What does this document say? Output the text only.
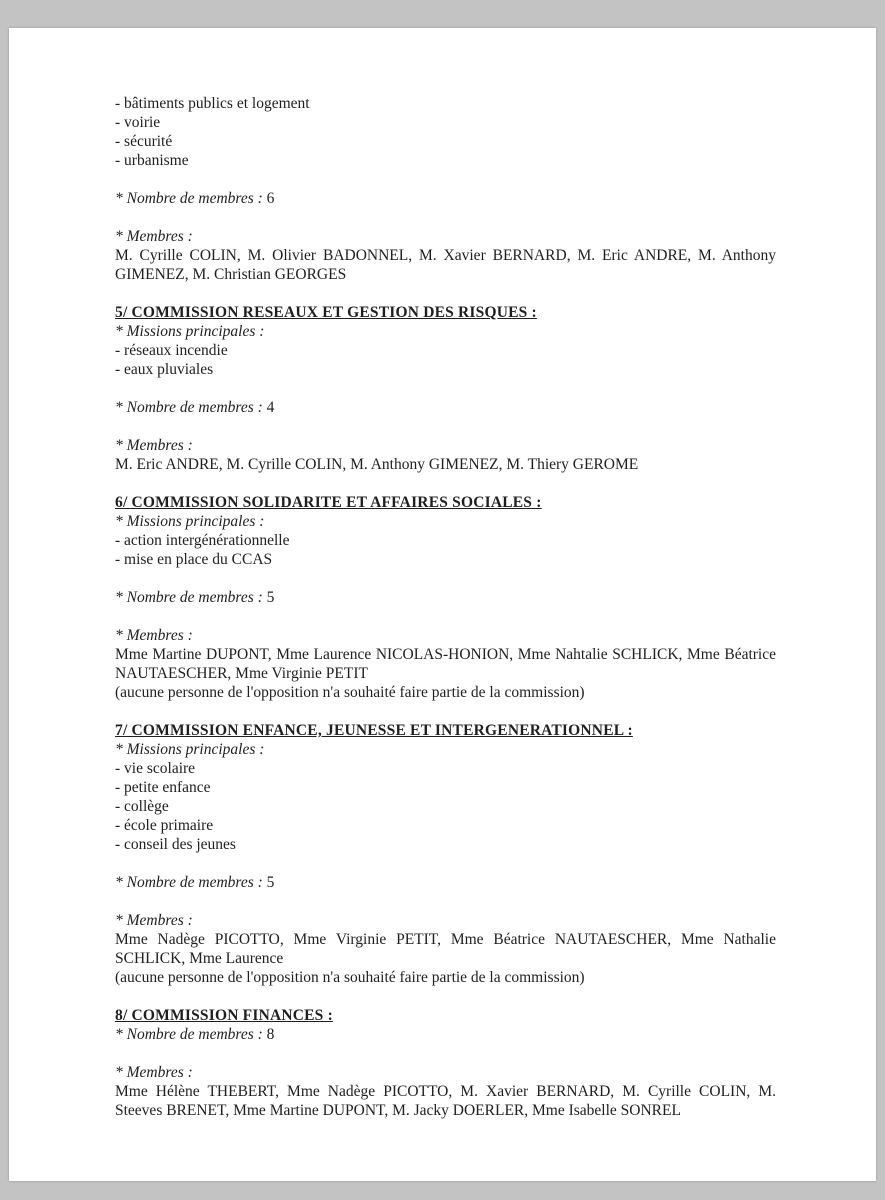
- bâtiments publics et logement
- voirie
- sécurité
- urbanisme
* Nombre de membres : 6
* Membres :
M. Cyrille COLIN, M. Olivier BADONNEL, M. Xavier BERNARD, M. Eric ANDRE, M. Anthony GIMENEZ, M. Christian GEORGES
5/ COMMISSION RESEAUX ET GESTION DES RISQUES :
* Missions principales :
- réseaux incendie
- eaux pluviales
* Nombre de membres : 4
* Membres :
M. Eric ANDRE, M. Cyrille COLIN, M. Anthony GIMENEZ, M. Thiery GEROME
6/ COMMISSION SOLIDARITE ET AFFAIRES SOCIALES :
* Missions principales :
- action intergénérationnelle
- mise en place du CCAS
* Nombre de membres : 5
* Membres :
Mme Martine DUPONT, Mme Laurence NICOLAS-HONION, Mme Nahtalie SCHLICK, Mme Béatrice NAUTAESCHER, Mme Virginie PETIT
(aucune personne de l'opposition n'a souhaité faire partie de la commission)
7/ COMMISSION ENFANCE, JEUNESSE ET INTERGENERATIONNEL :
* Missions principales :
- vie scolaire
- petite enfance
- collège
- école primaire
- conseil des jeunes
* Nombre de membres : 5
* Membres :
Mme Nadège PICOTTO, Mme Virginie PETIT, Mme Béatrice NAUTAESCHER, Mme Nathalie SCHLICK, Mme Laurence
(aucune personne de l'opposition n'a souhaité faire partie de la commission)
8/ COMMISSION FINANCES :
* Nombre de membres : 8
* Membres :
Mme Hélène THEBERT, Mme Nadège PICOTTO, M. Xavier BERNARD, M. Cyrille COLIN, M. Steeves BRENET, Mme Martine DUPONT, M. Jacky DOERLER, Mme Isabelle SONREL
